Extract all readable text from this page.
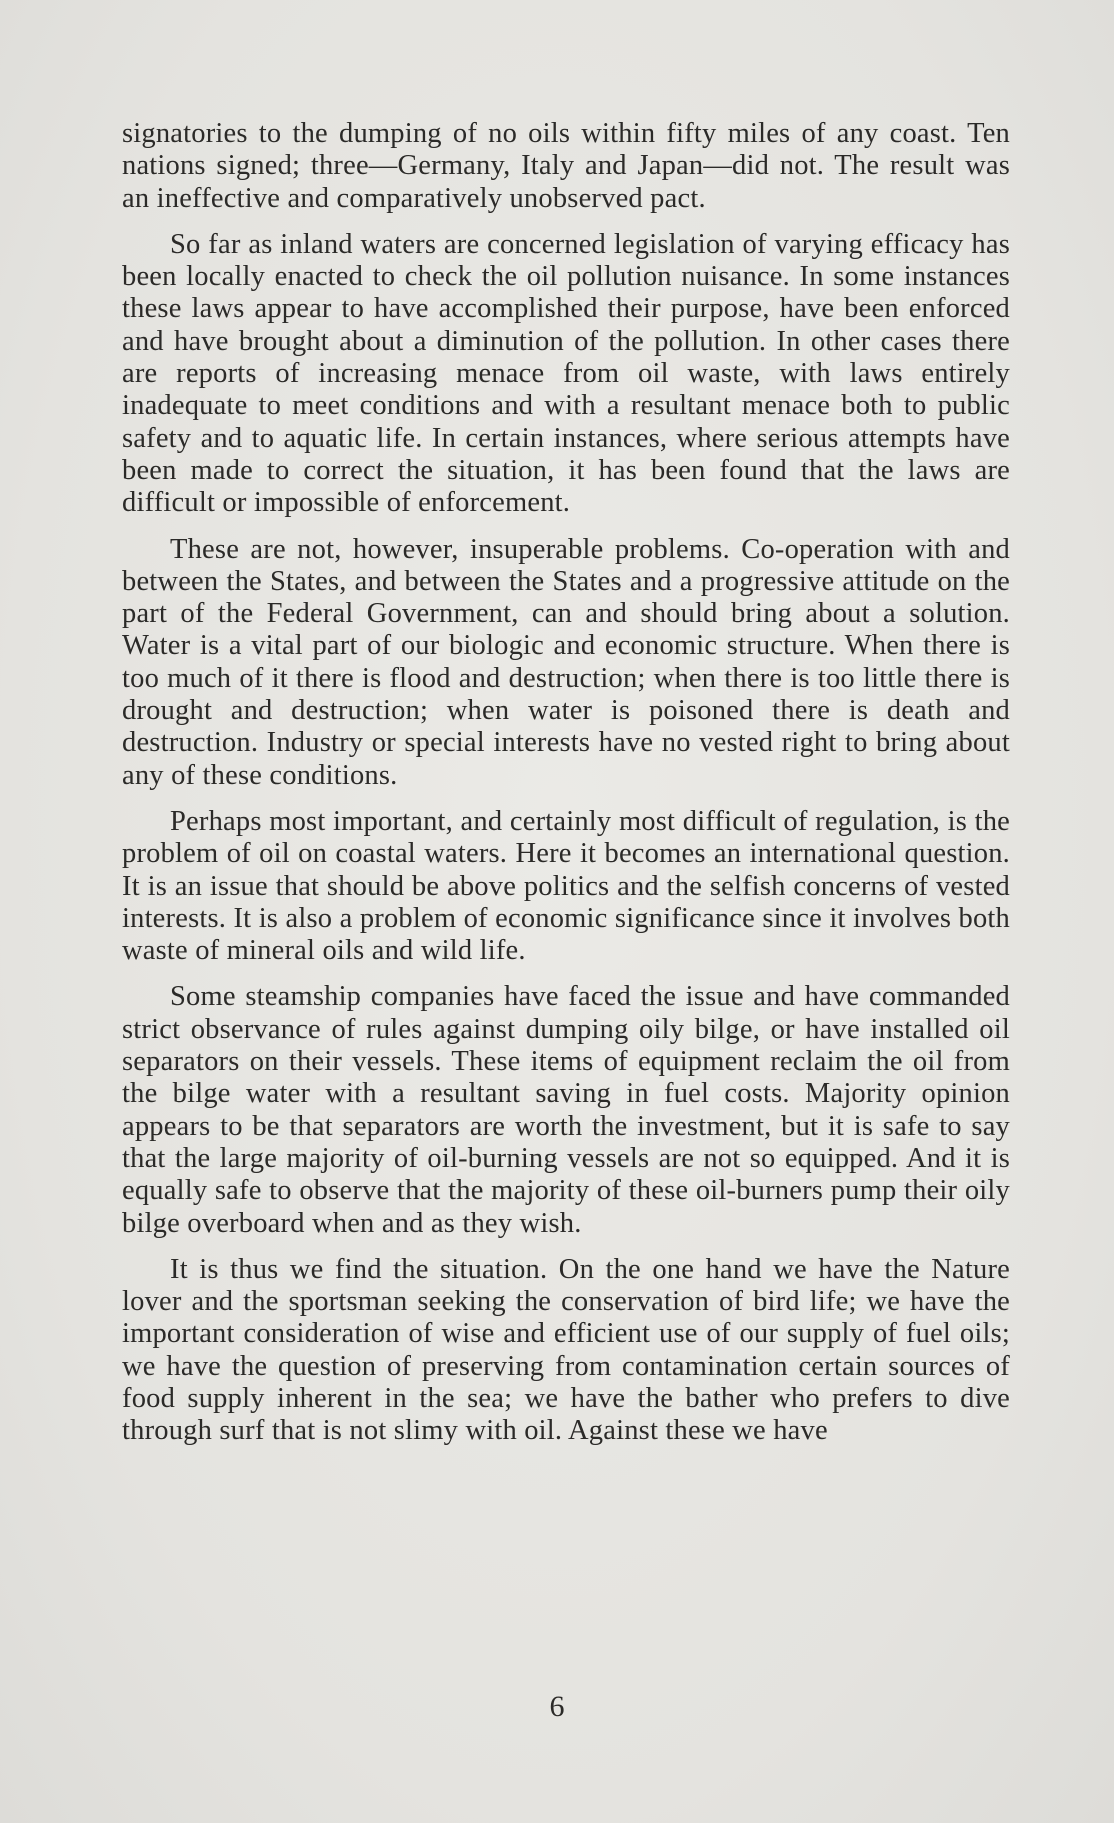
signatories to the dumping of no oils within fifty miles of any coast. Ten nations signed; three—Germany, Italy and Japan—did not. The result was an ineffective and comparatively unobserved pact.

So far as inland waters are concerned legislation of varying efficacy has been locally enacted to check the oil pollution nuisance. In some instances these laws appear to have accomplished their purpose, have been enforced and have brought about a diminution of the pollution. In other cases there are reports of increasing menace from oil waste, with laws entirely inadequate to meet conditions and with a resultant menace both to public safety and to aquatic life. In certain instances, where serious attempts have been made to correct the situation, it has been found that the laws are difficult or impossible of enforcement.

These are not, however, insuperable problems. Co-operation with and between the States, and between the States and a progressive attitude on the part of the Federal Government, can and should bring about a solution. Water is a vital part of our biologic and economic structure. When there is too much of it there is flood and destruction; when there is too little there is drought and destruction; when water is poisoned there is death and destruction. Industry or special interests have no vested right to bring about any of these conditions.

Perhaps most important, and certainly most difficult of regulation, is the problem of oil on coastal waters. Here it becomes an international question. It is an issue that should be above politics and the selfish concerns of vested interests. It is also a problem of economic significance since it involves both waste of mineral oils and wild life.

Some steamship companies have faced the issue and have commanded strict observance of rules against dumping oily bilge, or have installed oil separators on their vessels. These items of equipment reclaim the oil from the bilge water with a resultant saving in fuel costs. Majority opinion appears to be that separators are worth the investment, but it is safe to say that the large majority of oil-burning vessels are not so equipped. And it is equally safe to observe that the majority of these oil-burners pump their oily bilge overboard when and as they wish.

It is thus we find the situation. On the one hand we have the Nature lover and the sportsman seeking the conservation of bird life; we have the important consideration of wise and efficient use of our supply of fuel oils; we have the question of preserving from contamination certain sources of food supply inherent in the sea; we have the bather who prefers to dive through surf that is not slimy with oil. Against these we have

6
